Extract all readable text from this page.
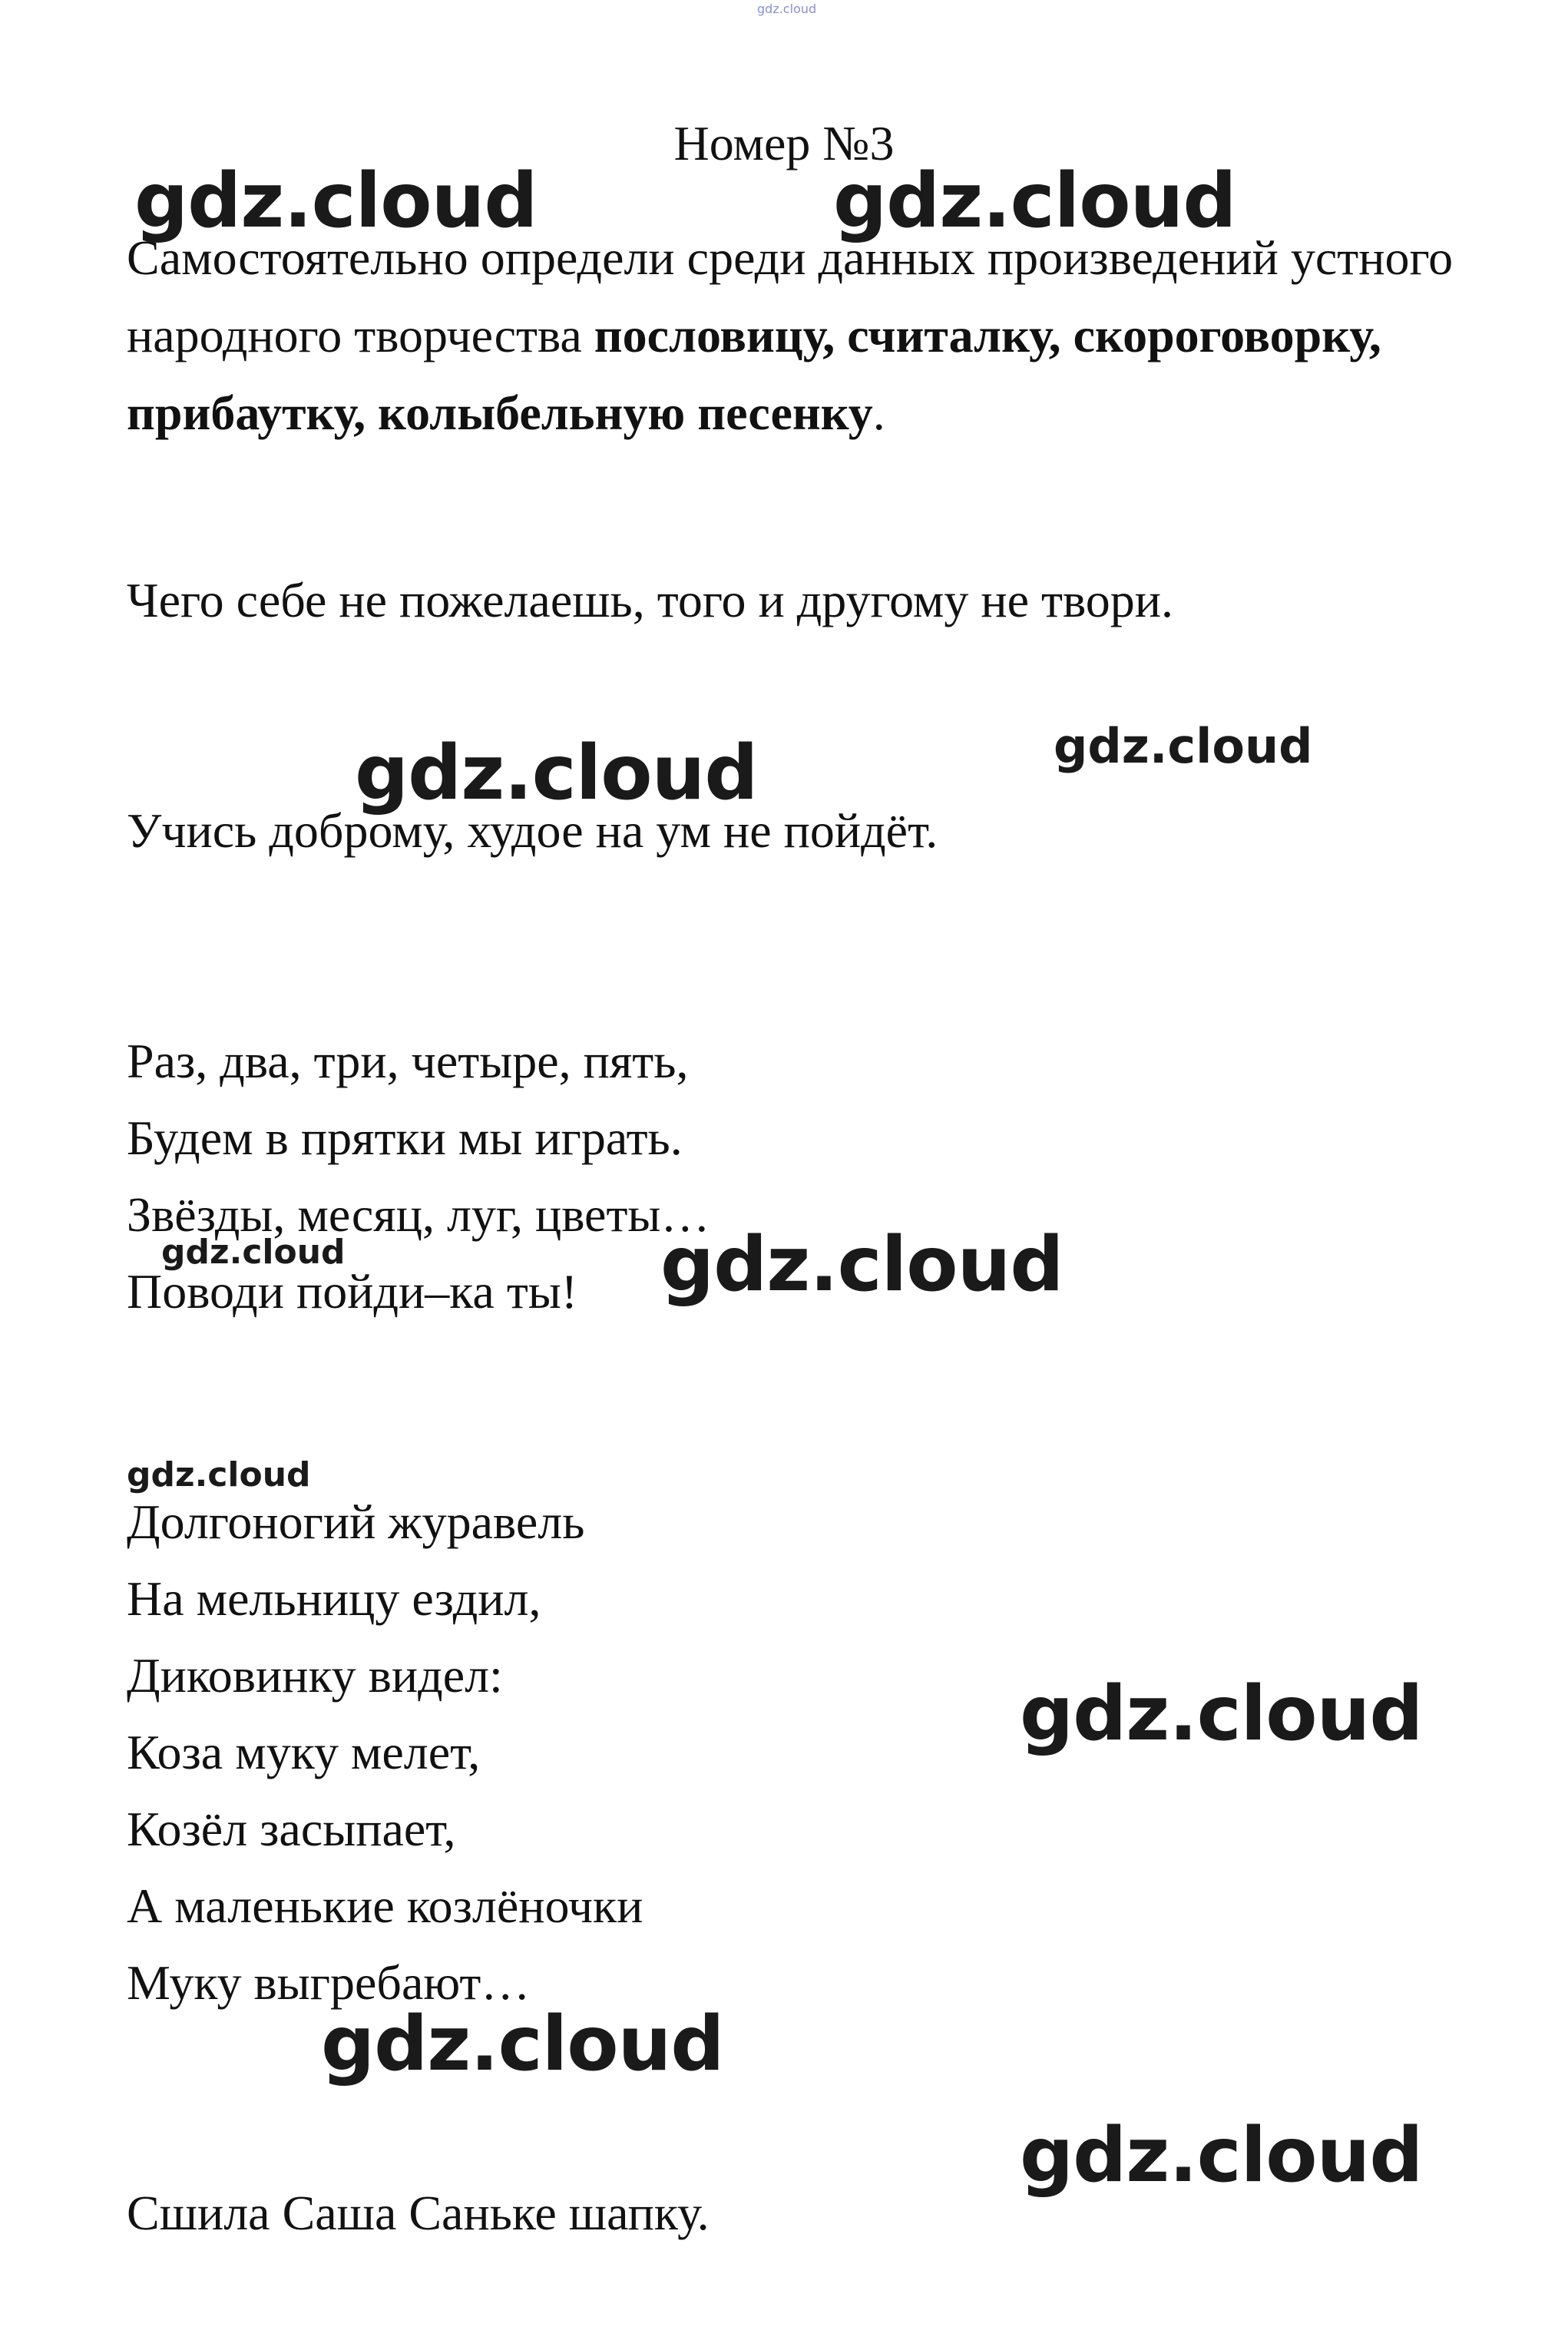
gdz.cloud
Номер №3
Самостоятельно определи среди данных произведений устного народного творчества пословицу, считалку, скороговорку, прибаутку, колыбельную песенку.
Чего себе не пожелаешь, того и другому не твори.
Учись доброму, худое на ум не пойдёт.
Раз, два, три, четыре, пять,
Будем в прятки мы играть.
Звёзды, месяц, луг, цветы…
Поводи пойди–ка ты!
Долгоногий журавель
На мельницу ездил,
Диковинку видел:
Коза муку мелет,
Козёл засыпает,
А маленькие козлёночки
Муку выгребают…
Сшила Саша Саньке шапку.
gdz.cloud	gdz.cloud
gdz.cloud
gdz.cloud
gdz.cloud	gdz.cloud
gdz.cloud
gdz.cloud
gdz.cloud
gdz.cloud
